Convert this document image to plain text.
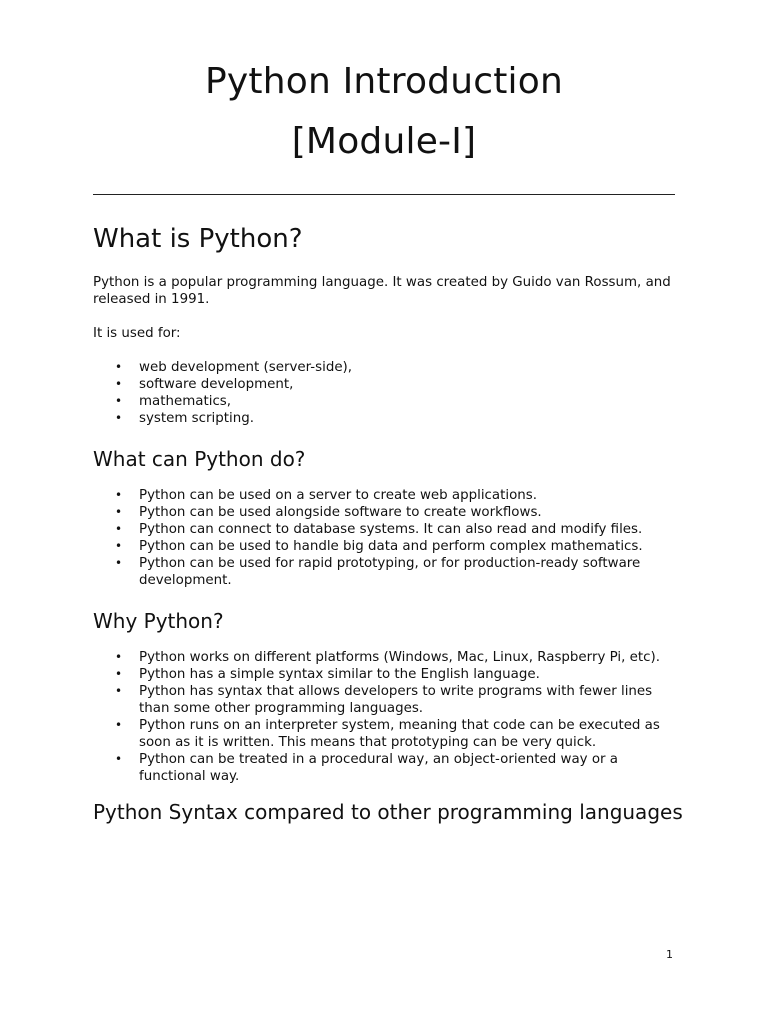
Python Introduction
[Module-I]
What is Python?

Python is a popular programming language. It was created by Guido van Rossum, and released in 1991.

It is used for:

• web development (server-side),
• software development,
• mathematics,
• system scripting.
What can Python do?
• Python can be used on a server to create web applications.
• Python can be used alongside software to create workflows.
• Python can connect to database systems. It can also read and modify files.
• Python can be used to handle big data and perform complex mathematics.
• Python can be used for rapid prototyping, or for production-ready software development.
Why Python?
• Python works on different platforms (Windows, Mac, Linux, Raspberry Pi, etc).
• Python has a simple syntax similar to the English language.
• Python has syntax that allows developers to write programs with fewer lines than some other programming languages.
• Python runs on an interpreter system, meaning that code can be executed as soon as it is written. This means that prototyping can be very quick.
• Python can be treated in a procedural way, an object-oriented way or a functional way.
Python Syntax compared to other programming languages
1
